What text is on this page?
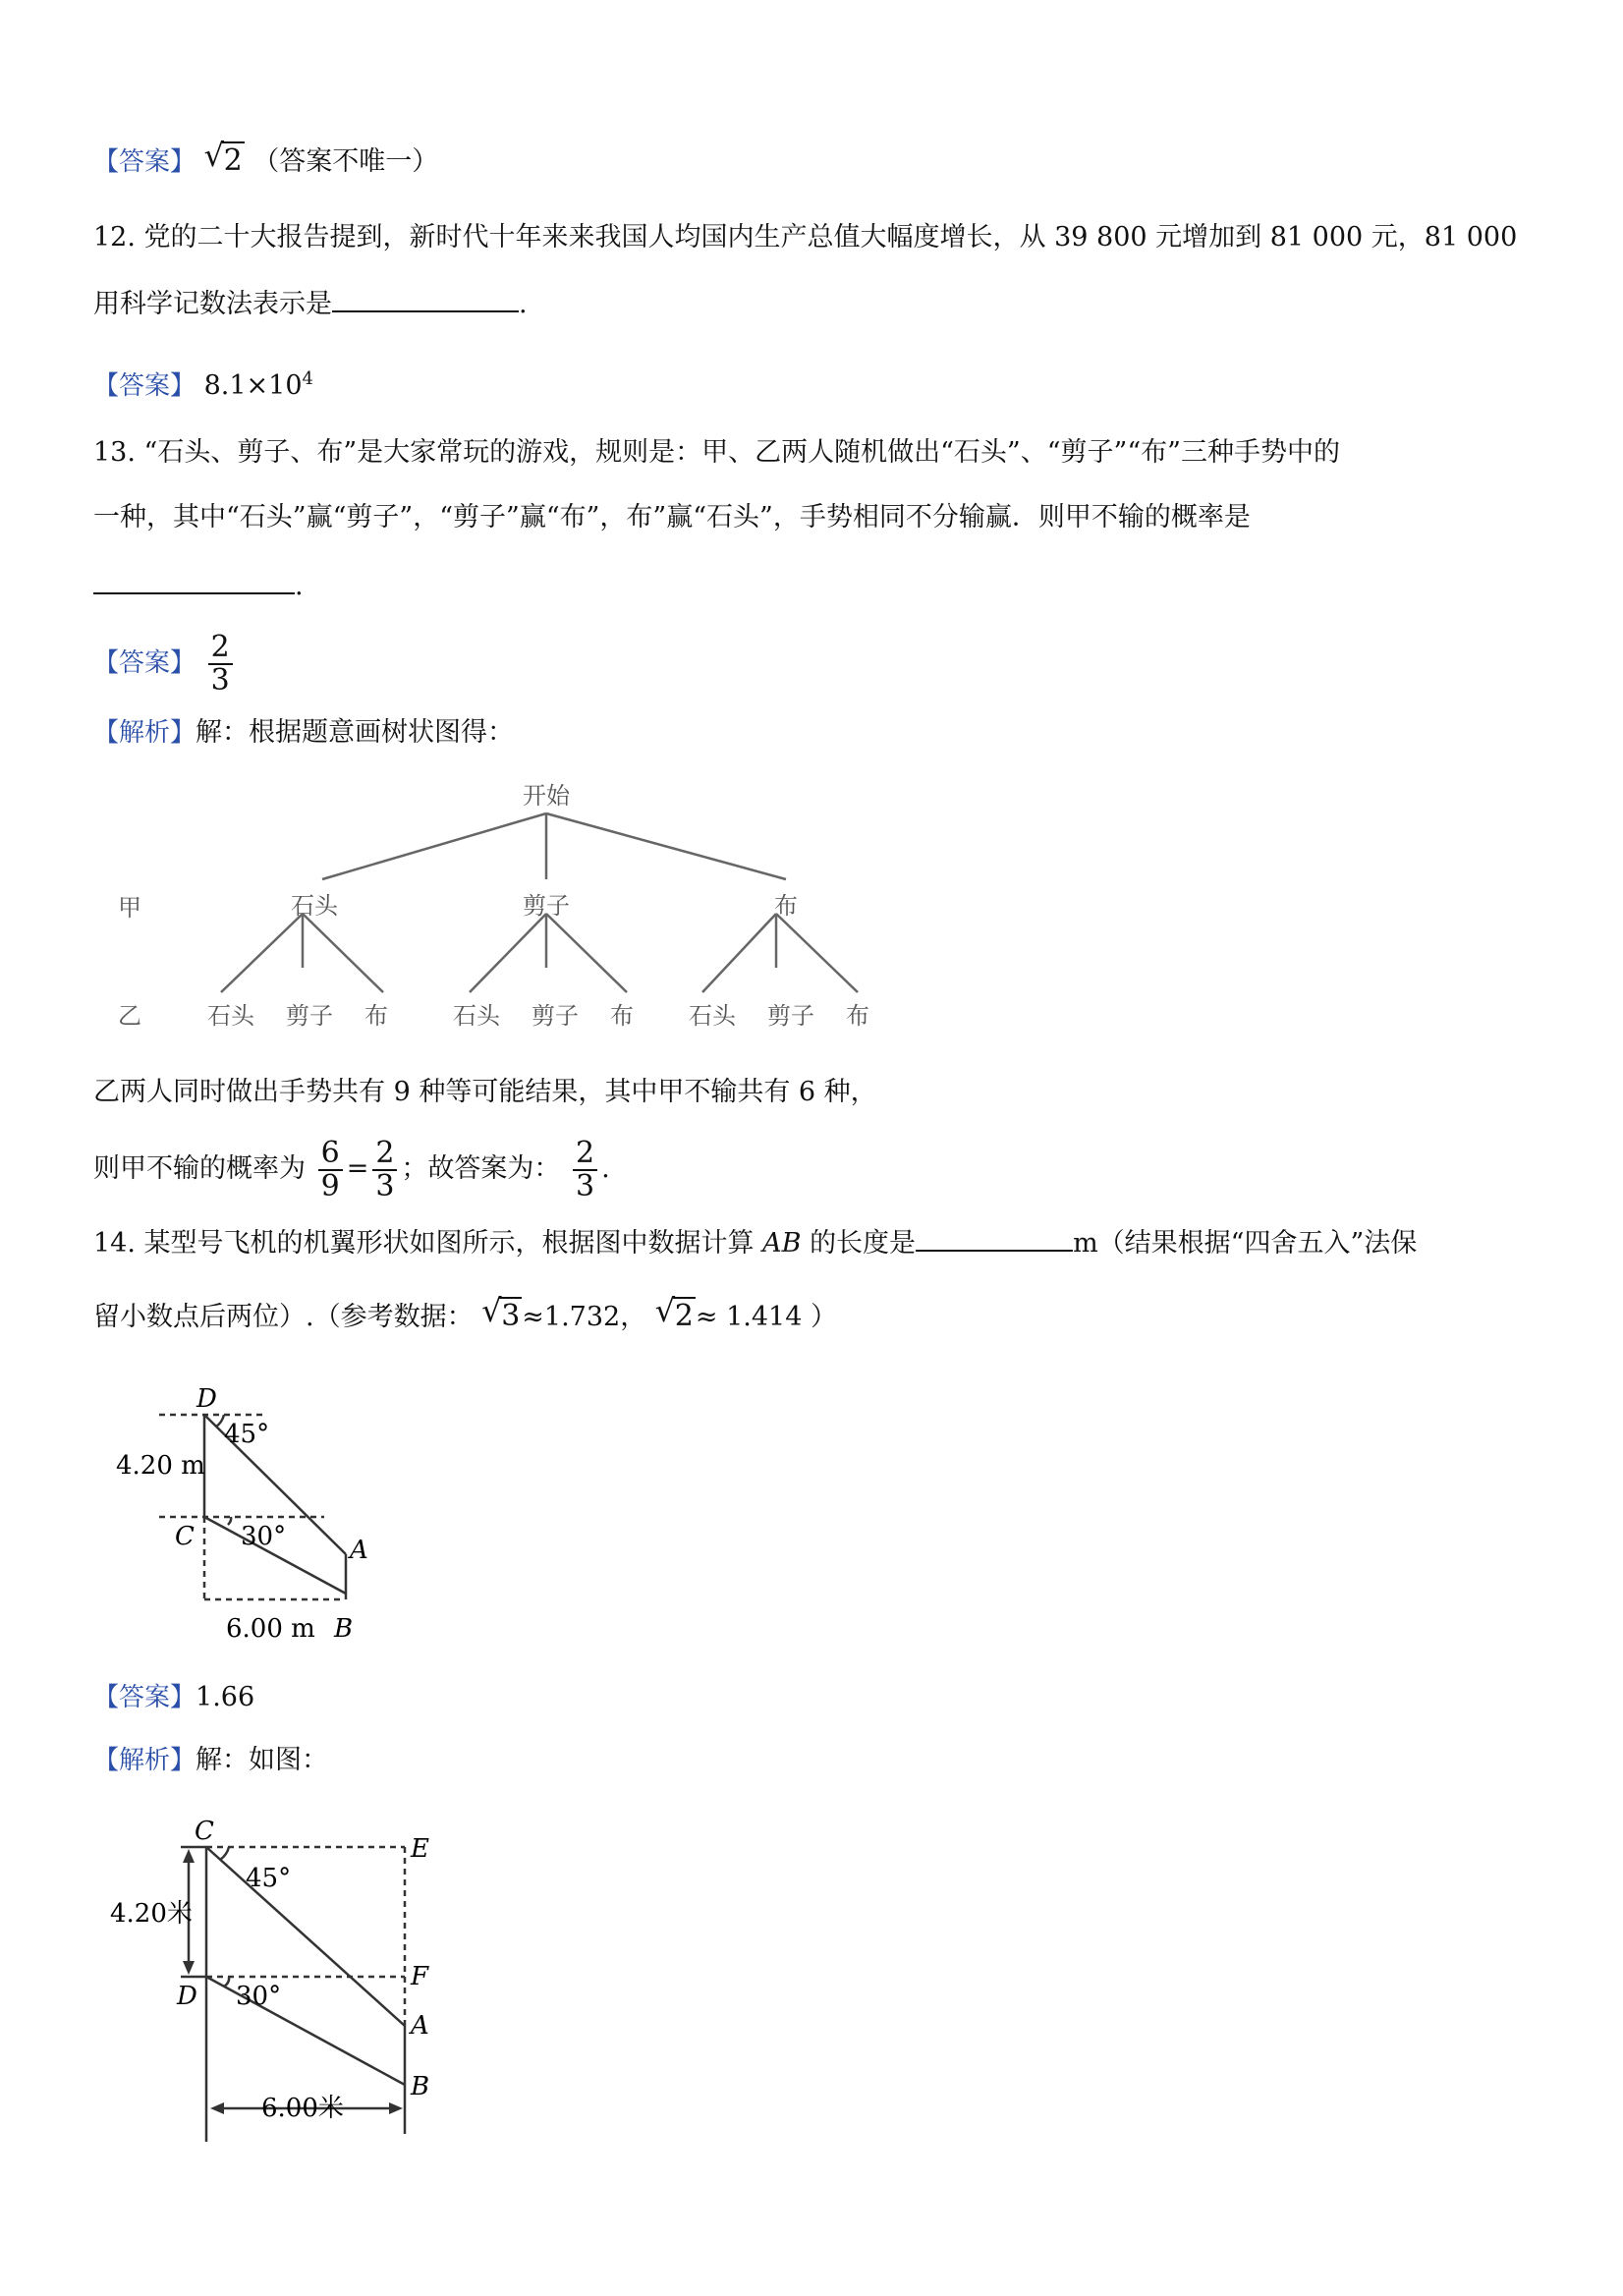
【答案】 √ 2 （答案不唯一）
12. 党的二十大报告提到，新时代十年来来我国人均国内生产总值大幅度增长，从 39 800 元增加到 81 000 元，81 000
用科学记数法表示是	.
【答案】 $8.1\times 10^4$
13. “石头、剪子、布”是大家常玩的游戏，规则是：甲、乙两人随机做出“石头”、“剪子”“布”三种手势中的
一种，其中“石头”赢“剪子”，“剪子”赢“布”，布”赢“石头”，手势相同不分输赢．则甲不输的概率是
.
【答案】 $\frac{2}{3}$
【解析】解：根据题意画树状图得：
开始
甲
乙
石头	剪子	布
石头 剪子 布	石头 剪子 布 石头 剪子 布
乙两人同时做出手势共有 9 种等可能结果，其中甲不输共有 6 种，
则甲不输的概率为 $\frac{6}{9} = \frac{2}{3}$ ；故答案为： $\frac{2}{3}$ .
14. 某型号飞机的机翼形状如图所示，根据图中数据计算 AB 的长度是	m（结果根据“四舍五入”法保
留小数点后两位）.（参考数据： √ 3≈1.732， √ 2≈ 1.414 ）
D
45°
4.20 m
C 30° A
6.00 m B
【答案】1.66
【解析】解：如图：
C
E
45°
4.20米
F
D 30°
A
B
6.00米
